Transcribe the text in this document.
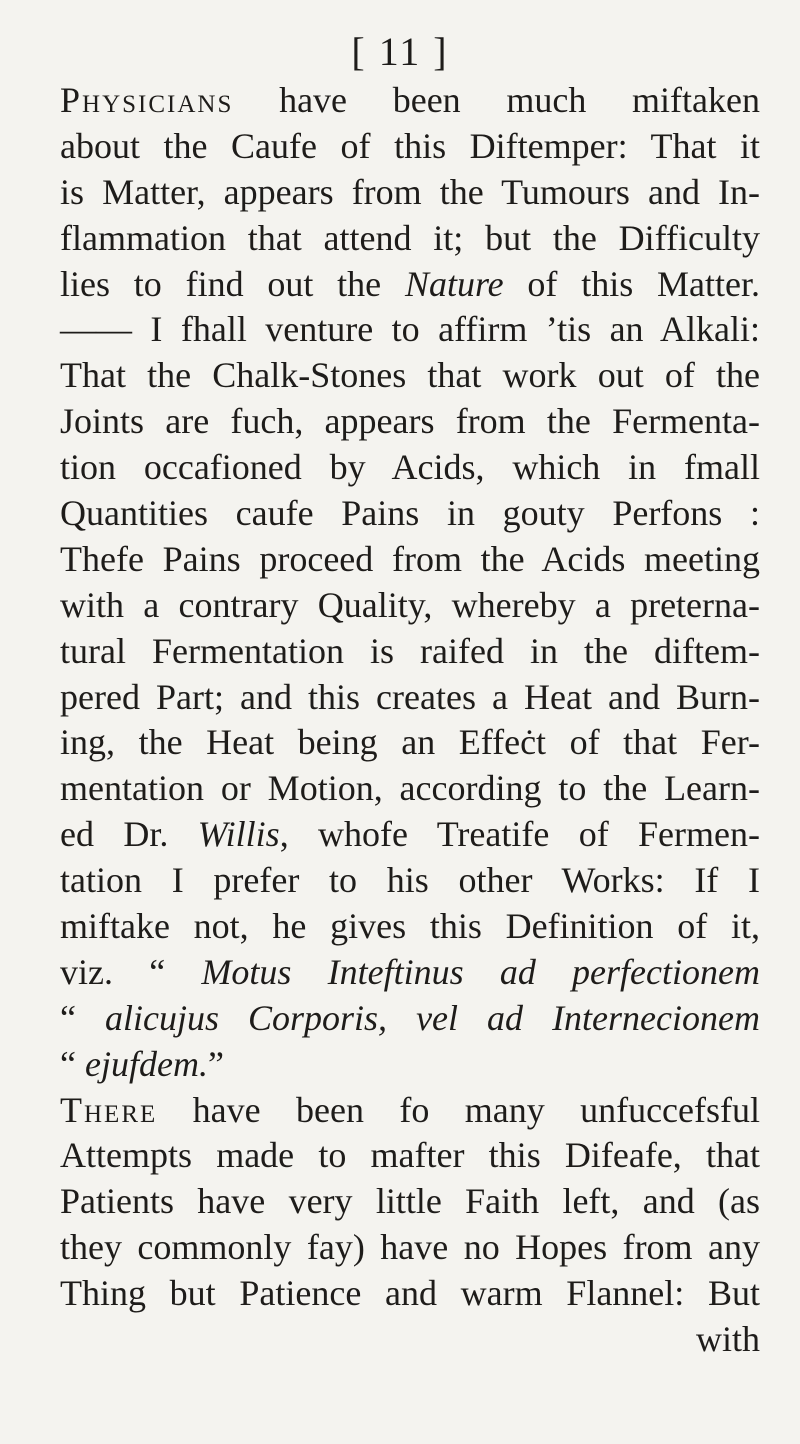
[ 11 ]
Physicians have been much miftaken
about the Caufe of this Diftemper: That it
is Matter, appears from the Tumours and In-
flammation that attend it; but the Difficulty
lies to find out the Nature of this Matter.
—— I fhall venture to affirm ’tis an Alkali:
That the Chalk-Stones that work out of the
Joints are fuch, appears from the Fermenta-
tion occafioned by Acids, which in fmall
Quantities caufe Pains in gouty Perfons :
Thefe Pains proceed from the Acids meeting
with a contrary Quality, whereby a preterna-
tural Fermentation is raifed in the diftem-
pered Part; and this creates a Heat and Burn-
ing, the Heat being an Effeċt of that Fer-
mentation or Motion, according to the Learn-
ed Dr. Willis, whofe Treatife of Fermen-
tation I prefer to his other Works: If I
miftake not, he gives this Definition of it,
viz. “ Motus Inteftinus ad perfectionem
“ alicujus Corporis, vel ad Internecionem
“ ejufdem.”
There have been fo many unfuccefsful
Attempts made to mafter this Difeafe, that
Patients have very little Faith left, and (as
they commonly fay) have no Hopes from any
Thing but Patience and warm Flannel: But
with
